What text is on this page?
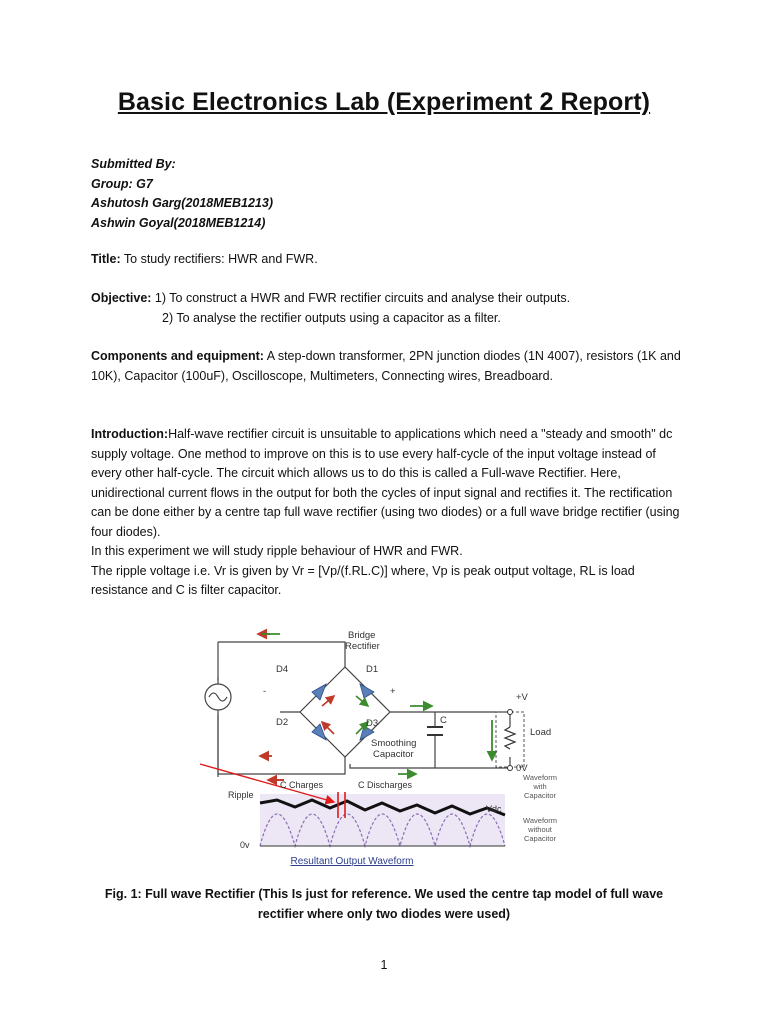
Basic Electronics Lab (Experiment 2 Report)
Submitted By:
Group: G7
Ashutosh Garg(2018MEB1213)
Ashwin Goyal(2018MEB1214)
Title: To study rectifiers: HWR and FWR.
Objective: 1) To construct a HWR and FWR rectifier circuits and analyse their outputs.
2) To analyse the rectifier outputs using a capacitor as a filter.
Components and equipment: A step-down transformer, 2PN junction diodes (1N 4007), resistors (1K and 10K), Capacitor (100uF), Oscilloscope, Multimeters, Connecting wires, Breadboard.
Introduction:Half-wave rectifier circuit is unsuitable to applications which need a "steady and smooth" dc supply voltage. One method to improve on this is to use every half-cycle of the input voltage instead of every other half-cycle. The circuit which allows us to do this is called a Full-wave Rectifier. Here, unidirectional current flows in the output for both the cycles of input signal and rectifies it. The rectification can be done either by a centre tap full wave rectifier (using two diodes) or a full wave bridge rectifier (using four diodes).
In this experiment we will study ripple behaviour of HWR and FWR.
The ripple voltage i.e. Vr is given by Vr = [Vp/(f.RL.C)] where, Vp is peak output voltage, RL is load resistance and C is filter capacitor.
Bridge
Rectifier
D4	D1
D2	D3
-	+
+V
C
Load
Smoothing
Capacitor
0V
C Charges	C Discharges
Ripple
Vdc
0v
Waveform
with
Capacitor
Waveform
without
Capacitor
Resultant Output Waveform
Fig. 1: Full wave Rectifier (This Is just for reference. We used the centre tap model of full wave rectifier where only two diodes were used)
1
